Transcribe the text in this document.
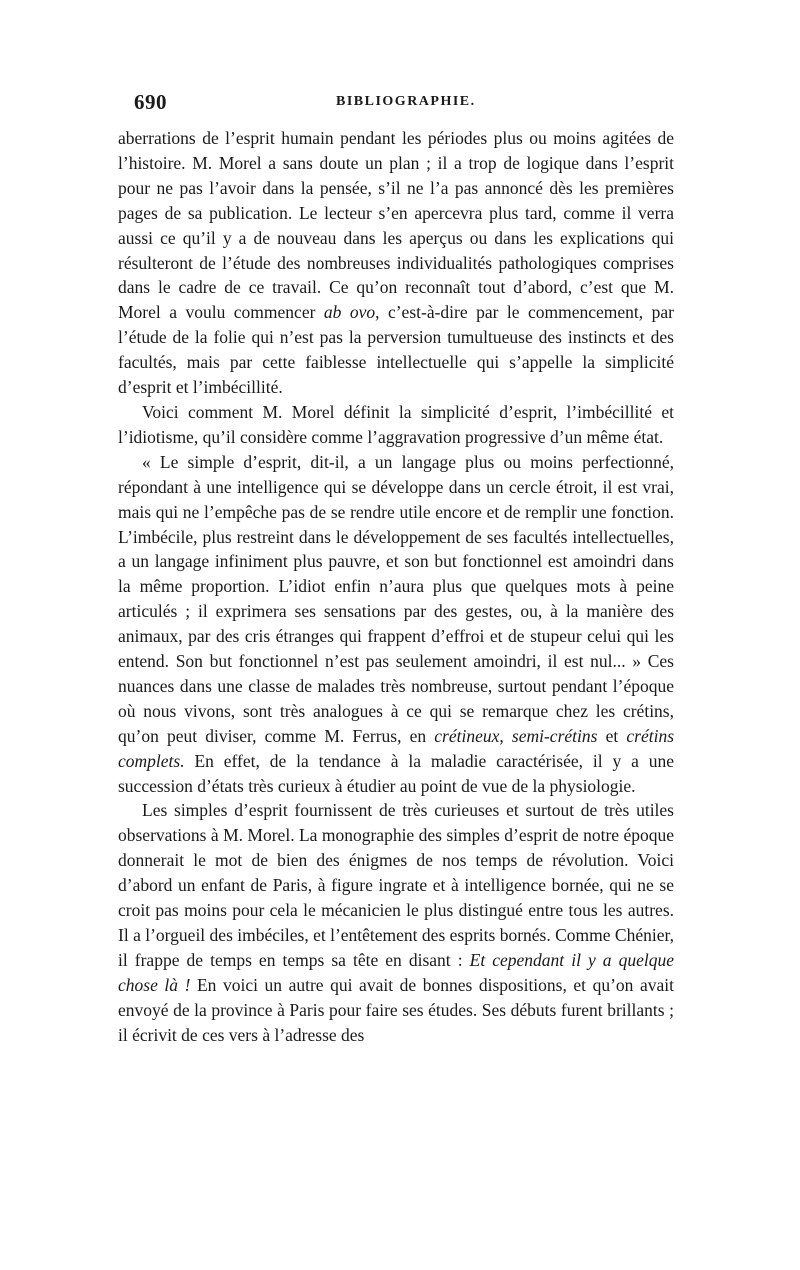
690	BIBLIOGRAPHIE.

aberrations de l’esprit humain pendant les périodes plus ou moins agitées de l’histoire. M. Morel a sans doute un plan ; il a trop de logique dans l’esprit pour ne pas l’avoir dans la pensée, s’il ne l’a pas annoncé dès les premières pages de sa publication. Le lecteur s’en apercevra plus tard, comme il verra aussi ce qu’il y a de nouveau dans les aperçus ou dans les explications qui résulteront de l’étude des nombreuses individualités pathologiques comprises dans le cadre de ce travail. Ce qu’on reconnaît tout d’abord, c’est que M. Morel a voulu commencer ab ovo, c’est-à-dire par le commencement, par l’étude de la folie qui n’est pas la perversion tumultueuse des instincts et des facultés, mais par cette faiblesse intellectuelle qui s’appelle la simplicité d’esprit et l’imbécillité.

Voici comment M. Morel définit la simplicité d’esprit, l’imbécillité et l’idiotisme, qu’il considère comme l’aggravation progressive d’un même état.

« Le simple d’esprit, dit-il, a un langage plus ou moins perfectionné, répondant à une intelligence qui se développe dans un cercle étroit, il est vrai, mais qui ne l’empêche pas de se rendre utile encore et de remplir une fonction. L’imbécile, plus restreint dans le développement de ses facultés intellectuelles, a un langage infiniment plus pauvre, et son but fonctionnel est amoindri dans la même proportion. L’idiot enfin n’aura plus que quelques mots à peine articulés ; il exprimera ses sensations par des gestes, ou, à la manière des animaux, par des cris étranges qui frappent d’effroi et de stupeur celui qui les entend. Son but fonctionnel n’est pas seulement amoindri, il est nul... » Ces nuances dans une classe de malades très nombreuse, surtout pendant l’époque où nous vivons, sont très analogues à ce qui se remarque chez les crétins, qu’on peut diviser, comme M. Ferrus, en crétineux, semi-crétins et crétins complets. En effet, de la tendance à la maladie caractérisée, il y a une succession d’états très curieux à étudier au point de vue de la physiologie.

Les simples d’esprit fournissent de très curieuses et surtout de très utiles observations à M. Morel. La monographie des simples d’esprit de notre époque donnerait le mot de bien des énigmes de nos temps de révolution. Voici d’abord un enfant de Paris, à figure ingrate et à intelligence bornée, qui ne se croit pas moins pour cela le mécanicien le plus distingué entre tous les autres. Il a l’orgueil des imbéciles, et l’entêtement des esprits bornés. Comme Chénier, il frappe de temps en temps sa tête en disant : Et cependant il y a quelque chose là ! En voici un autre qui avait de bonnes dispositions, et qu’on avait envoyé de la province à Paris pour faire ses études. Ses débuts furent brillants ; il écrivit de ces vers à l’adresse des
